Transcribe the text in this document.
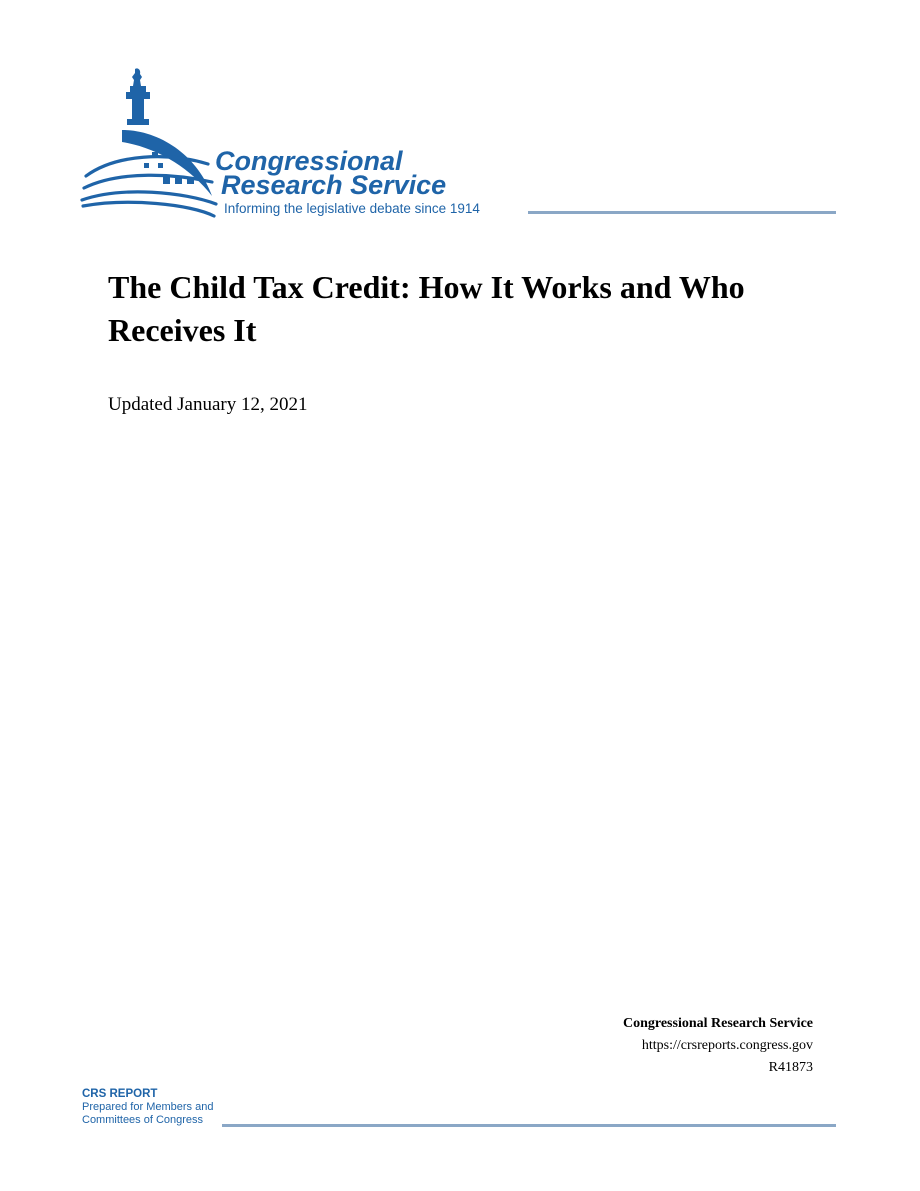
Congressional
Research Service
Informing the legislative debate since 1914
The Child Tax Credit: How It Works and Who Receives It
Updated January 12, 2021
Congressional Research Service
https://crsreports.congress.gov
R41873
CRS REPORT
Prepared for Members and
Committees of Congress
